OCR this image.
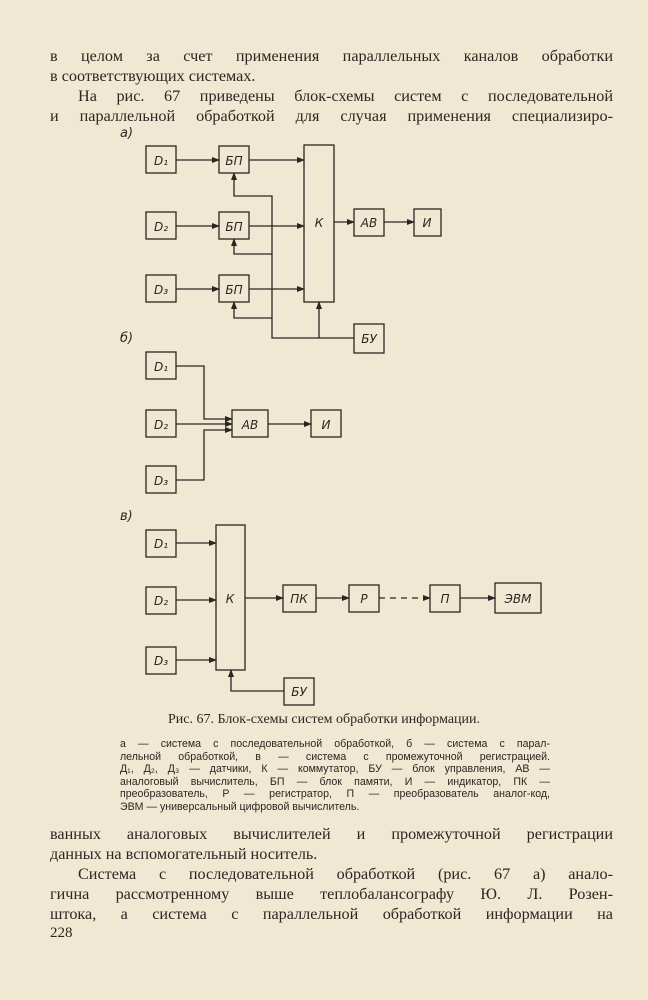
в целом за счет применения параллельных каналов обработки
в соответствующих системах.
На рис. 67 приведены блок-схемы систем с последовательной
и параллельной обработкой для случая применения специализиро-
а)
D₁
D₂
D₃
БП
БП
БП
К	АВ	И
БУ
б)
D₁
D₂
D₃
АВ	И
в)
D₁
D₂
D₃
К	ПК	Р	П	ЭВМ
БУ
Рис. 67. Блок-схемы систем обработки информации.
а — система с последовательной обработкой, б — система с парал-
лельной обработкой, в — система с промежуточной регистрацией.
Д₁, Д₂, Д₃ — датчики, К — коммутатор, БУ — блок управления, АВ —
аналоговый вычислитель, БП — блок памяти, И — индикатор, ПК —
преобразователь, Р — регистратор, П — преобразователь аналог-код,
ЭВМ — универсальный цифровой вычислитель.
ванных аналоговых вычислителей и промежуточной регистрации
данных на вспомогательный носитель.
Система с последовательной обработкой (рис. 67 а) анало-
гична рассмотренному выше теплобалансографу Ю. Л. Розен-
штока, а система с параллельной обработкой информации на
228
